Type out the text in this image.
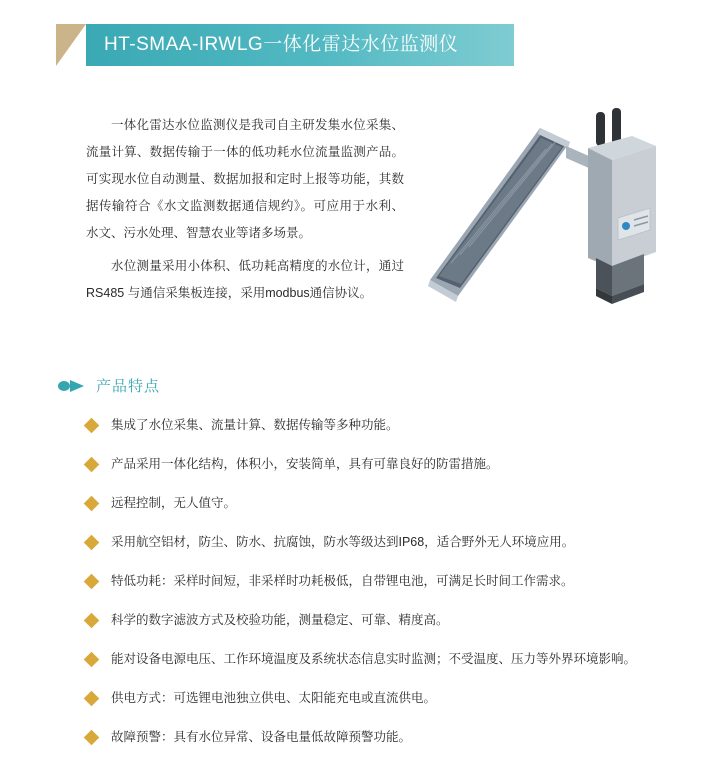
HT-SMAA-IRWLG一体化雷达水位监测仪

一体化雷达水位监测仪是我司自主研发集水位采集、流量计算、数据传输于一体的低功耗水位流量监测产品。可实现水位自动测量、数据加报和定时上报等功能，其数据传输符合《水文监测数据通信规约》。可应用于水利、水文、污水处理、智慧农业等诸多场景。

水位测量采用小体积、低功耗高精度的水位计，通过RS485 与通信采集板连接，采用modbus通信协议。

产品特点
集成了水位采集、流量计算、数据传输等多种功能。
产品采用一体化结构，体积小，安装简单，具有可靠良好的防雷措施。
远程控制，无人值守。
采用航空铝材，防尘、防水、抗腐蚀，防水等级达到IP68，适合野外无人环境应用。
特低功耗：采样时间短，非采样时功耗极低，自带锂电池，可满足长时间工作需求。
科学的数字滤波方式及校验功能，测量稳定、可靠、精度高。
能对设备电源电压、工作环境温度及系统状态信息实时监测；不受温度、压力等外界环境影响。
供电方式：可选锂电池独立供电、太阳能充电或直流供电。
故障预警：具有水位异常、设备电量低故障预警功能。
